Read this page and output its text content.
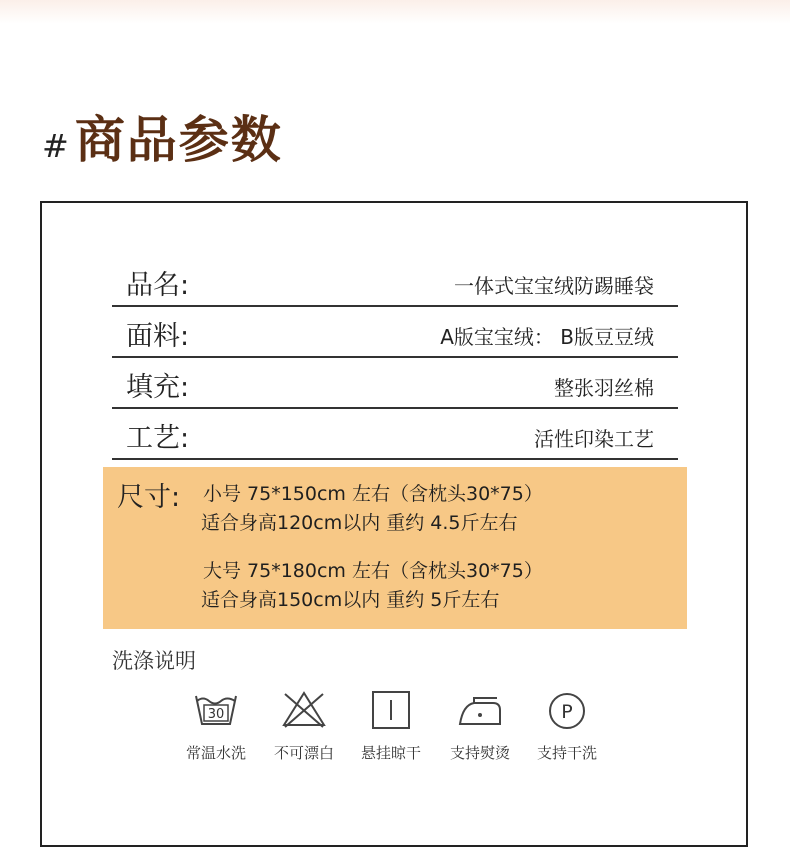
# 商品参数
品名:	一体式宝宝绒防踢睡袋
面料:	A版宝宝绒： B版豆豆绒
填充:	整张羽丝棉
工艺:	活性印染工艺
尺寸: 小号 75*150cm 左右（含枕头30*75）
适合身高120cm以内 重约 4.5斤左右
大号 75*180cm 左右（含枕头30*75）
适合身高150cm以内 重约 5斤左右
洗涤说明
30
常温水洗	不可漂白	悬挂晾干	支持熨烫
P
支持干洗
